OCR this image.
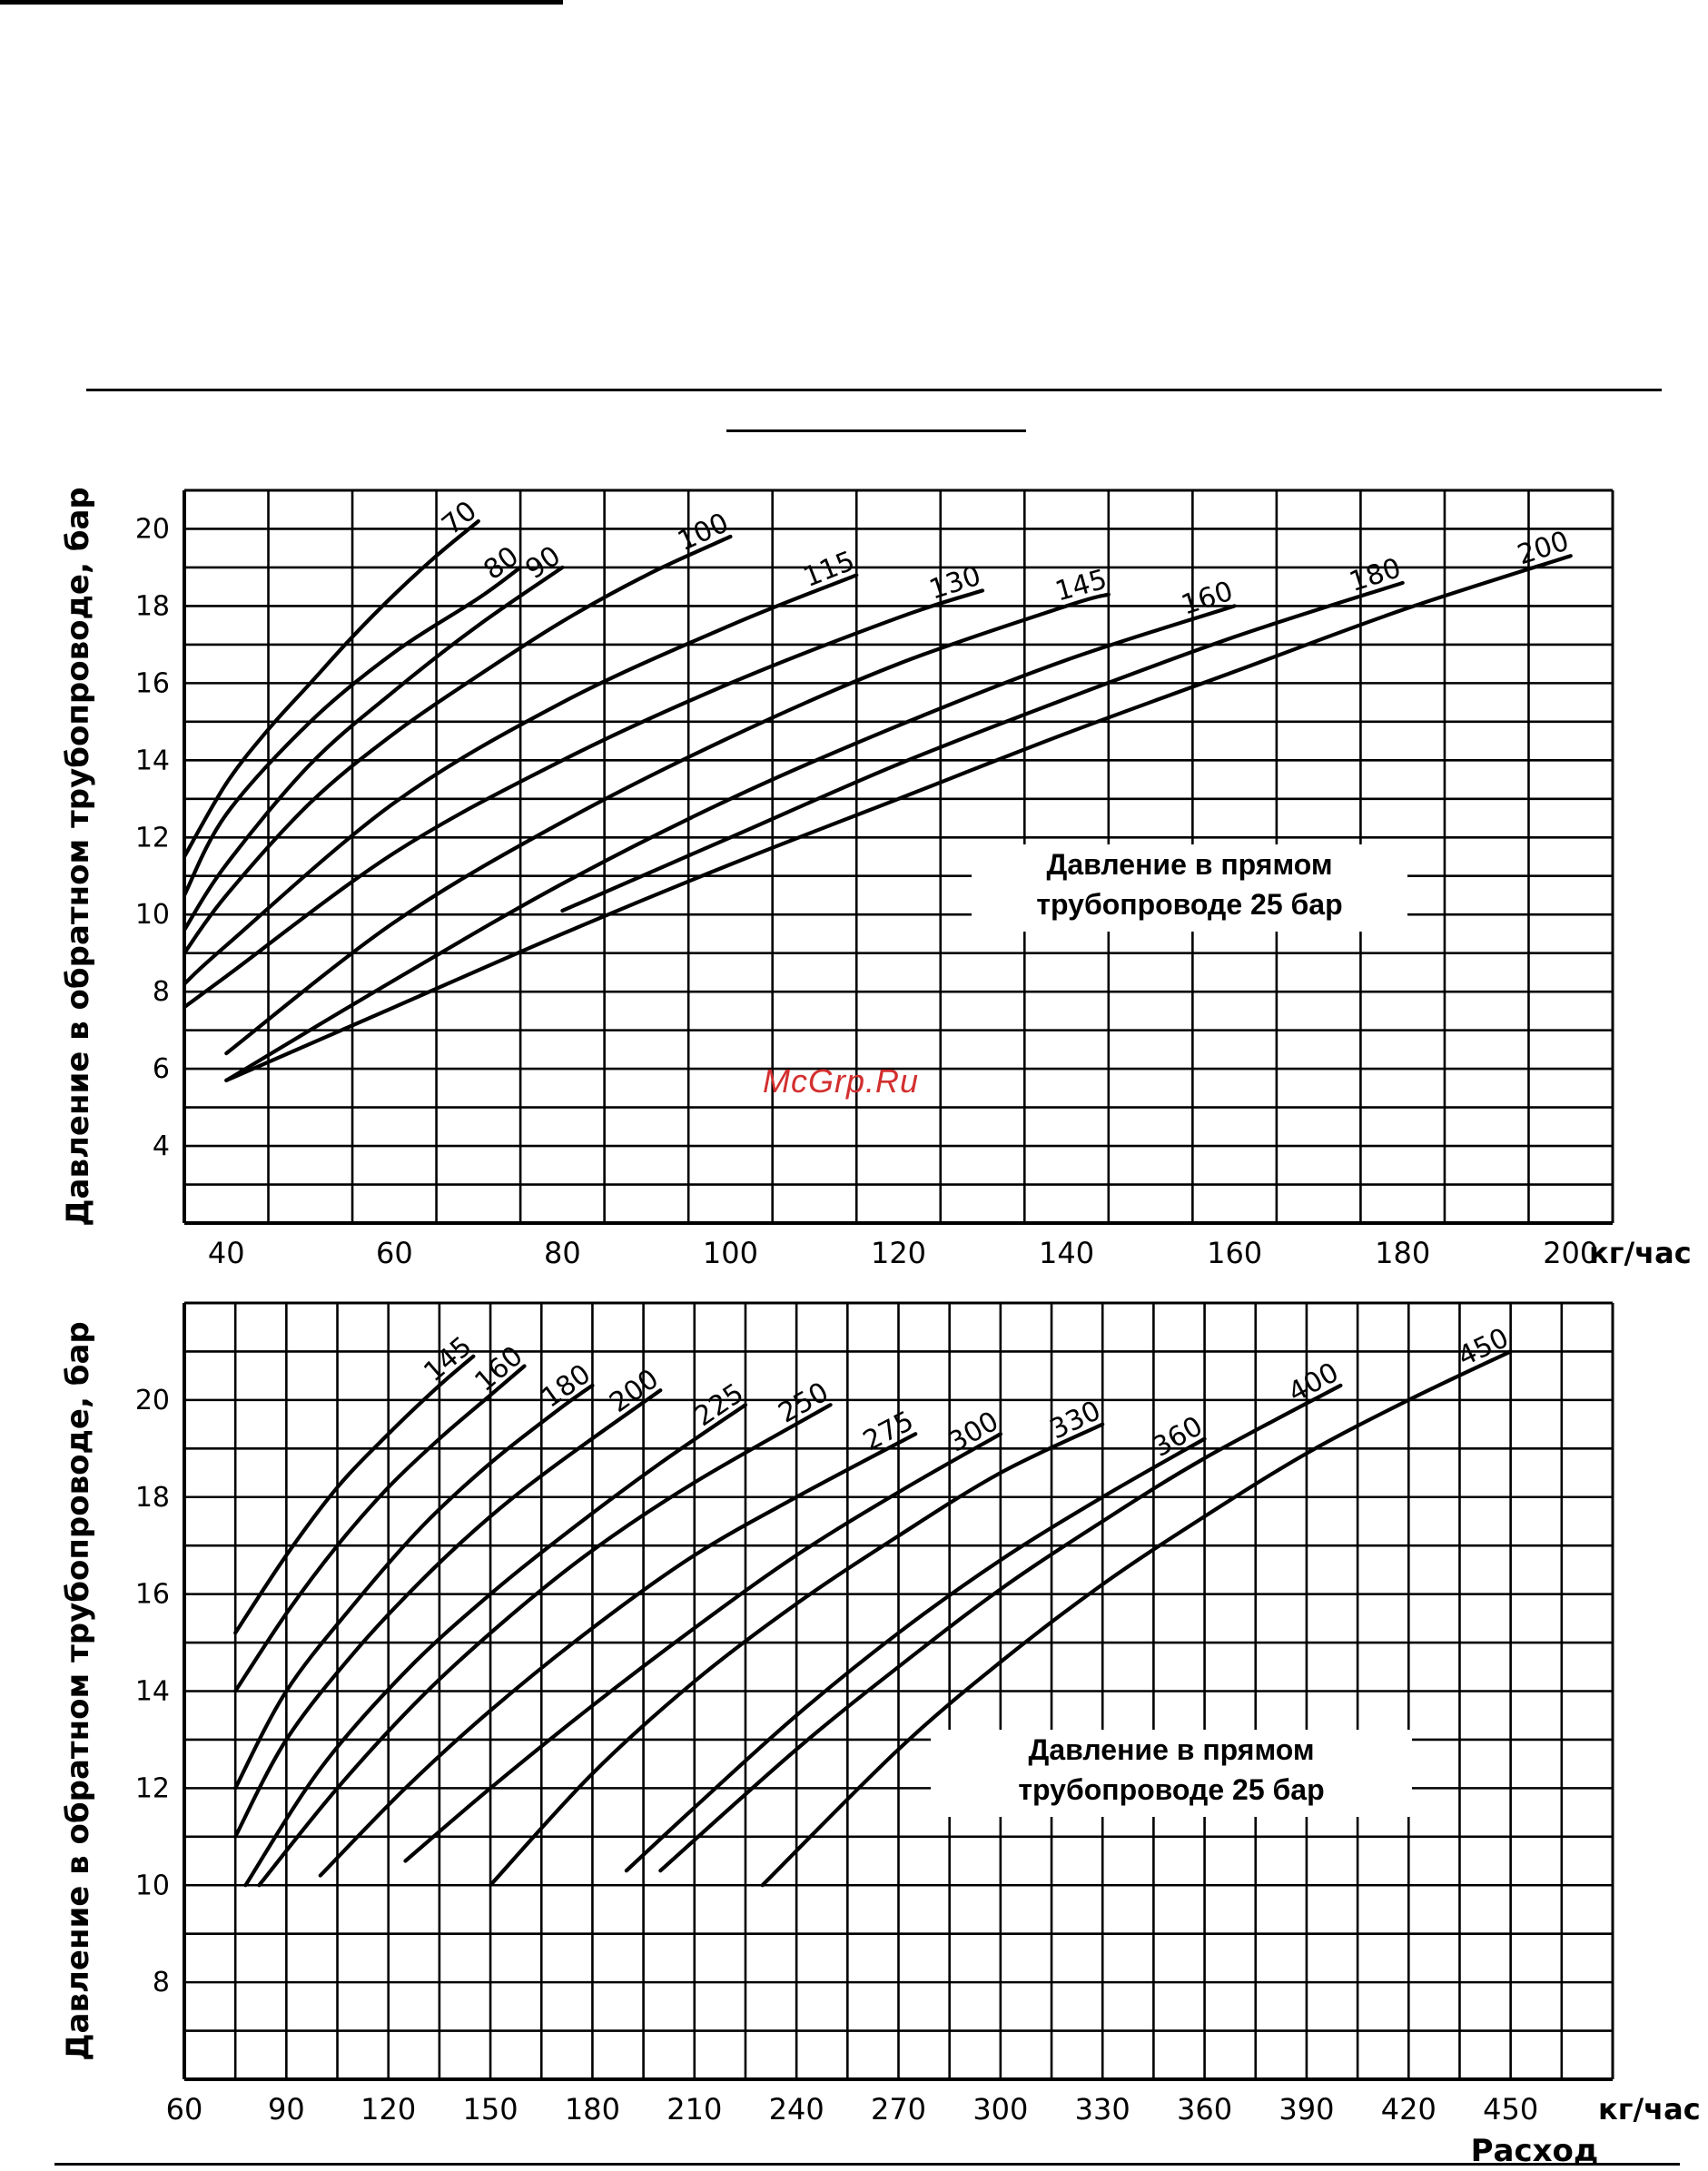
4
6
8
10
12
14
16
18
20
40	60	80	100	120	140	160	180	200
кг/час
Давление в обратном трубопроводе, бар	70
80
90
100
115 130 145 160
180
200
8
10
12
14
16
18
20
60 90 120 150 180 210 240 270 300 330 360 390 420 450 кг/час
Расход
Давление в обратном трубопроводе, бар	145
160 180 200 225 250
275 300 330 360
400
450
Давление в прямом
трубопроводе 25 бар
Давление в прямом
трубопроводе 25 бар
McGrp.Ru
